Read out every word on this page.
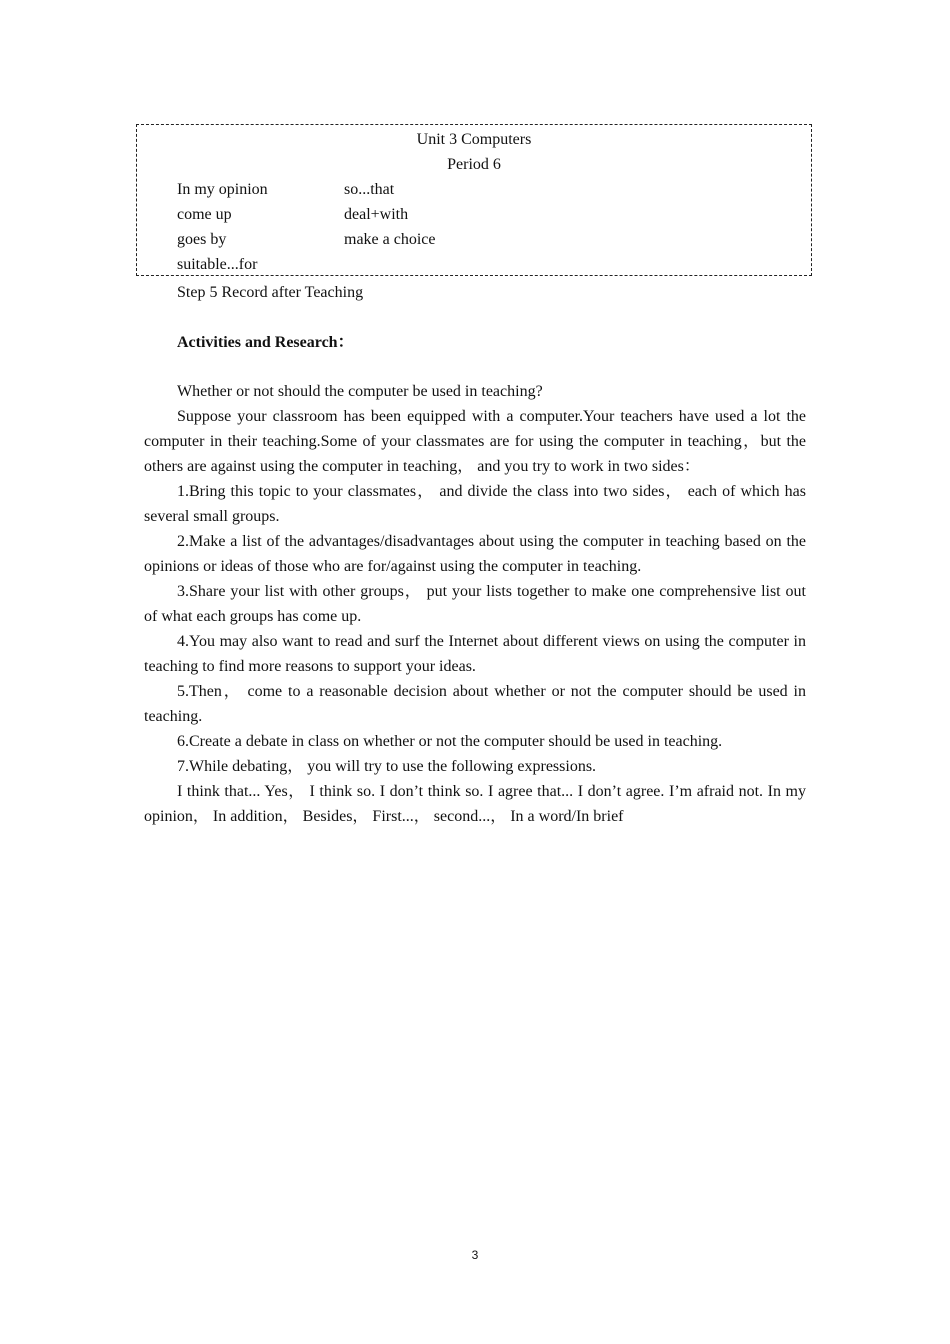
Unit 3 Computers
Period 6
In my opinion
come up
goes by
suitable...for
so...that
deal+with
make a choice
Step 5 Record after Teaching
Activities and Research：

Whether or not should the computer be used in teaching?

Suppose your classroom has been equipped with a computer.Your teachers have used a lot the computer in their teaching.Some of your classmates are for using the computer in teaching，but the others are against using the computer in teaching， and you try to work in two sides：

1.Bring this topic to your classmates， and divide the class into two sides， each of which has several small groups.

2.Make a list of the advantages/disadvantages about using the computer in teaching based on the opinions or ideas of those who are for/against using the computer in teaching.

3.Share your list with other groups， put your lists together to make one comprehensive list out of what each groups has come up.

4.You may also want to read and surf the Internet about different views on using the computer in teaching to find more reasons to support your ideas.

5.Then， come to a reasonable decision about whether or not the computer should be used in teaching.

6.Create a debate in class on whether or not the computer should be used in teaching.

7.While debating， you will try to use the following expressions.

I think that... Yes， I think so. I don’t think so. I agree that... I don’t agree. I’m afraid not. In my opinion， In addition， Besides， First...， second...， In a word/In brief

3
